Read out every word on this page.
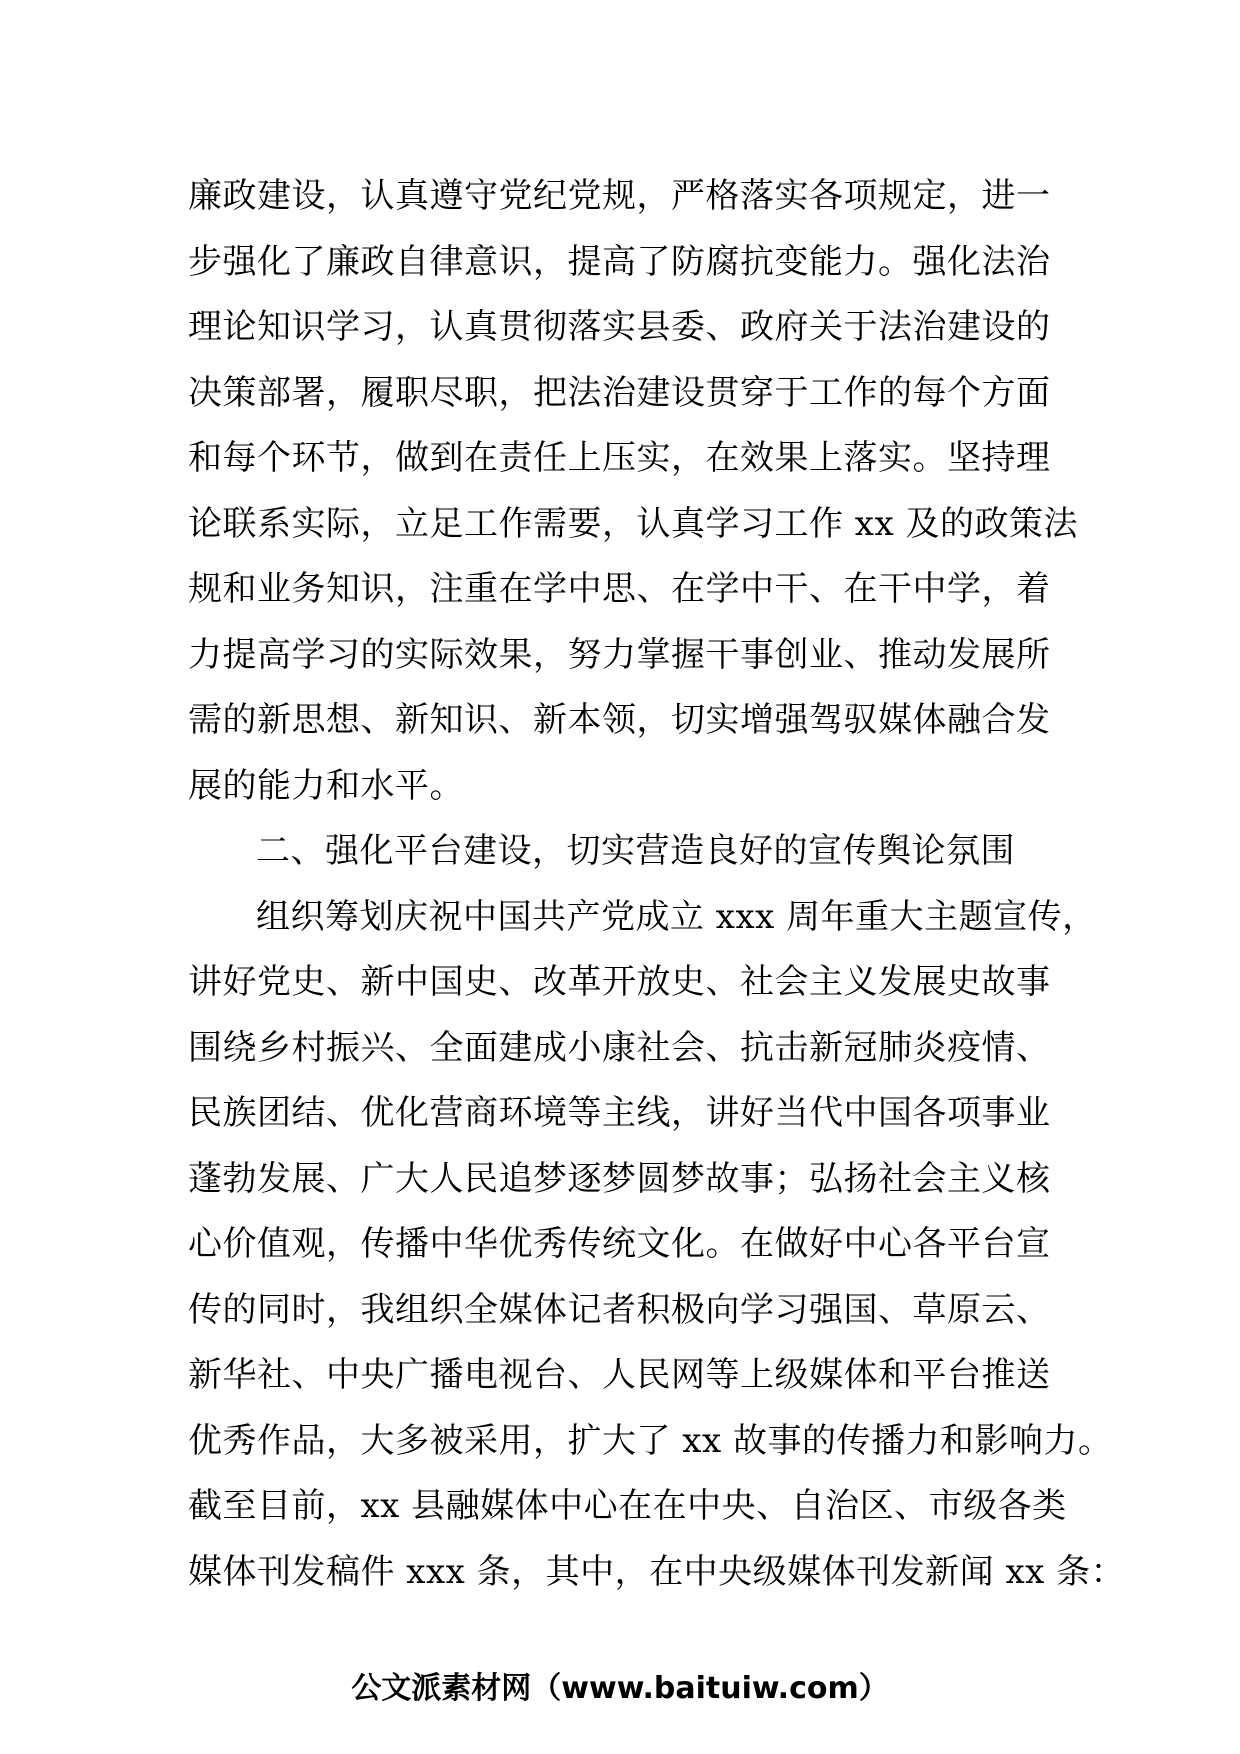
廉政建设，认真遵守党纪党规，严格落实各项规定，进一
步强化了廉政自律意识，提高了防腐抗变能力。强化法治
理论知识学习，认真贯彻落实县委、政府关于法治建设的
决策部署，履职尽职，把法治建设贯穿于工作的每个方面
和每个环节，做到在责任上压实，在效果上落实。坚持理
论联系实际，立足工作需要，认真学习工作 xx 及的政策法
规和业务知识，注重在学中思、在学中干、在干中学，着
力提高学习的实际效果，努力掌握干事创业、推动发展所
需的新思想、新知识、新本领，切实增强驾驭媒体融合发
展的能力和水平。
二、强化平台建设，切实营造良好的宣传舆论氛围
组织筹划庆祝中国共产党成立 xxx 周年重大主题宣传，
讲好党史、新中国史、改革开放史、社会主义发展史故事
围绕乡村振兴、全面建成小康社会、抗击新冠肺炎疫情、
民族团结、优化营商环境等主线，讲好当代中国各项事业
蓬勃发展、广大人民追梦逐梦圆梦故事；弘扬社会主义核
心价值观，传播中华优秀传统文化。在做好中心各平台宣
传的同时，我组织全媒体记者积极向学习强国、草原云、
新华社、中央广播电视台、人民网等上级媒体和平台推送
优秀作品，大多被采用，扩大了 xx 故事的传播力和影响力。
截至目前，xx 县融媒体中心在在中央、自治区、市级各类
媒体刊发稿件 xxx 条，其中，在中央级媒体刊发新闻 xx 条：
公文派素材网（www.baituiw.com）
